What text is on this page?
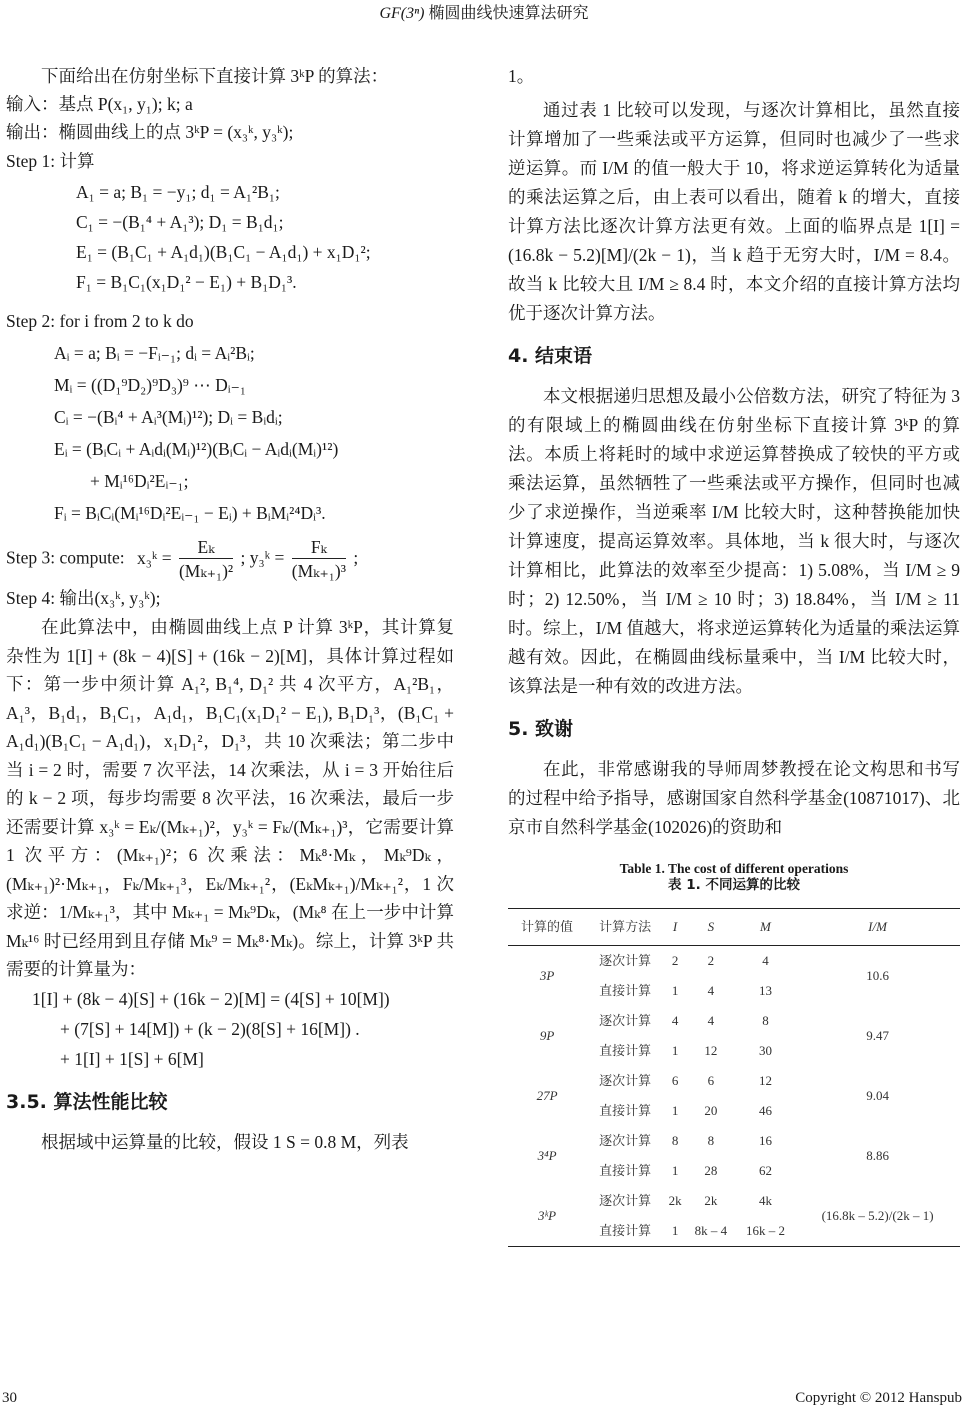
GF(3ⁿ) 椭圆曲线快速算法研究

下面给出在仿射坐标下直接计算 3ᵏP 的算法：

输入：基点 P(x₁, y₁); k; a

输出：椭圆曲线上的点 3ᵏP = (x₃ᵏ, y₃ᵏ);

Step 1: 计算

A₁ = a; B₁ = −y₁; d₁ = A₁²B₁;
C₁ = −(B₁⁴ + A₁³); D₁ = B₁d₁;
E₁ = (B₁C₁ + A₁d₁)(B₁C₁ − A₁d₁) + x₁D₁²;
F₁ = B₁C₁(x₁D₁² − E₁) + B₁D₁³.

Step 2: for i from 2 to k do

Aᵢ = a; Bᵢ = −Fᵢ₋₁; dᵢ = Aᵢ²Bᵢ;
Mᵢ = ((D₁⁹D₂)⁹D₃)⁹ ⋯ Dᵢ₋₁
Cᵢ = −(Bᵢ⁴ + Aᵢ³(Mᵢ)¹²); Dᵢ = Bᵢdᵢ;
Eᵢ = (BᵢCᵢ + Aᵢdᵢ(Mᵢ)¹²)(BᵢCᵢ − Aᵢdᵢ(Mᵢ)¹²)
+ Mᵢ¹⁶Dᵢ²Eᵢ₋₁;
Fᵢ = BᵢCᵢ(Mᵢ¹⁶Dᵢ²Eᵢ₋₁ − Eᵢ) + BᵢMᵢ²⁴Dᵢ³.
Step 3: compute: x₃ᵏ = $\frac{\text{Eₖ}}{\text{(Mₖ₊₁)²}}$ ; y₃ᵏ = $\frac{\text{Fₖ}}{\text{(Mₖ₊₁)³}}$ ;

Step 4: 输出(x₃ᵏ, y₃ᵏ);

在此算法中，由椭圆曲线上点 P 计算 3ᵏP，其计算复杂性为 1[I] + (8k − 4)[S] + (16k − 2)[M]，具体计算过程如下：第一步中须计算 A₁², B₁⁴, D₁² 共 4 次平方，A₁²B₁，A₁³，B₁d₁，B₁C₁，A₁d₁，B₁C₁(x₁D₁² − E₁), B₁D₁³，(B₁C₁ + A₁d₁)(B₁C₁ − A₁d₁)，x₁D₁²，D₁³，共 10 次乘法；第二步中当 i = 2 时，需要 7 次平法，14 次乘法，从 i = 3 开始往后的 k − 2 项，每步均需要 8 次平法，16 次乘法，最后一步还需要计算 x₃ᵏ = Eₖ/(Mₖ₊₁)²，y₃ᵏ = Fₖ/(Mₖ₊₁)³，它需要计算 1 次平方：(Mₖ₊₁)²；6 次乘法：Mₖ⁸·Mₖ，Mₖ⁹Dₖ，(Mₖ₊₁)²·Mₖ₊₁，Fₖ/Mₖ₊₁³，Eₖ/Mₖ₊₁²，(EₖMₖ₊₁)/Mₖ₊₁²，1 次求逆：1/Mₖ₊₁³，其中 Mₖ₊₁ = Mₖ⁹Dₖ，(Mₖ⁸ 在上一步中计算 Mₖ¹⁶ 时已经用到且存储 Mₖ⁹ = Mₖ⁸·Mₖ)。综上，计算 3ᵏP 共需要的计算量为：

1[I] + (8k − 4)[S] + (16k − 2)[M] = (4[S] + 10[M])
+ (7[S] + 14[M]) + (k − 2)(8[S] + 16[M]) .
+ 1[I] + 1[S] + 6[M]
3.5. 算法性能比较

根据域中运算量的比较，假设 1 S = 0.8 M，列表

1。

通过表 1 比较可以发现，与逐次计算相比，虽然直接计算增加了一些乘法或平方运算，但同时也减少了一些求逆运算。而 I/M 的值一般大于 10，将求逆运算转化为适量的乘法运算之后，由上表可以看出，随着 k 的增大，直接计算方法比逐次计算方法更有效。上面的临界点是 1[I] = (16.8k − 5.2)[M]/(2k − 1)，当 k 趋于无穷大时，I/M = 8.4。故当 k 比较大且 I/M ≥ 8.4 时，本文介绍的直接计算方法均优于逐次计算方法。

4. 结束语

本文根据递归思想及最小公倍数方法，研究了特征为 3 的有限域上的椭圆曲线在仿射坐标下直接计算 3ᵏP 的算法。本质上将耗时的域中求逆运算替换成了较快的平方或乘法运算，虽然牺牲了一些乘法或平方操作，但同时也减少了求逆操作，当逆乘率 I/M 比较大时，这种替换能加快计算速度，提高运算效率。具体地，当 k 很大时，与逐次计算相比，此算法的效率至少提高：1) 5.08%，当 I/M ≥ 9 时；2) 12.50%，当 I/M ≥ 10 时；3) 18.84%，当 I/M ≥ 11 时。综上，I/M 值越大，将求逆运算转化为适量的乘法运算越有效。因此，在椭圆曲线标量乘中，当 I/M 比较大时，该算法是一种有效的改进方法。

5. 致谢

在此，非常感谢我的导师周梦教授在论文构思和书写的过程中给予指导，感谢国家自然科学基金(10871017)、北京市自然科学基金(102026)的资助和

Table 1. The cost of different operations
表 1. 不同运算的比较
计算的值	计算方法	I	S	M	I/M
3P	逐次计算	2	2	4	10.6
	直接计算	1	4	13	
9P	逐次计算	4	4	8	9.47
	直接计算	1	12	30	
27P	逐次计算	6	6	12	9.04
	直接计算	1	20	46	
3⁴P	逐次计算	8	8	16	8.86
	直接计算	1	28	62	
3ᵏP	逐次计算	2k	2k	4k	(16.8k – 5.2)/(2k – 1)
	直接计算	1	8k – 4	16k – 2	
30	Copyright © 2012 Hanspub
